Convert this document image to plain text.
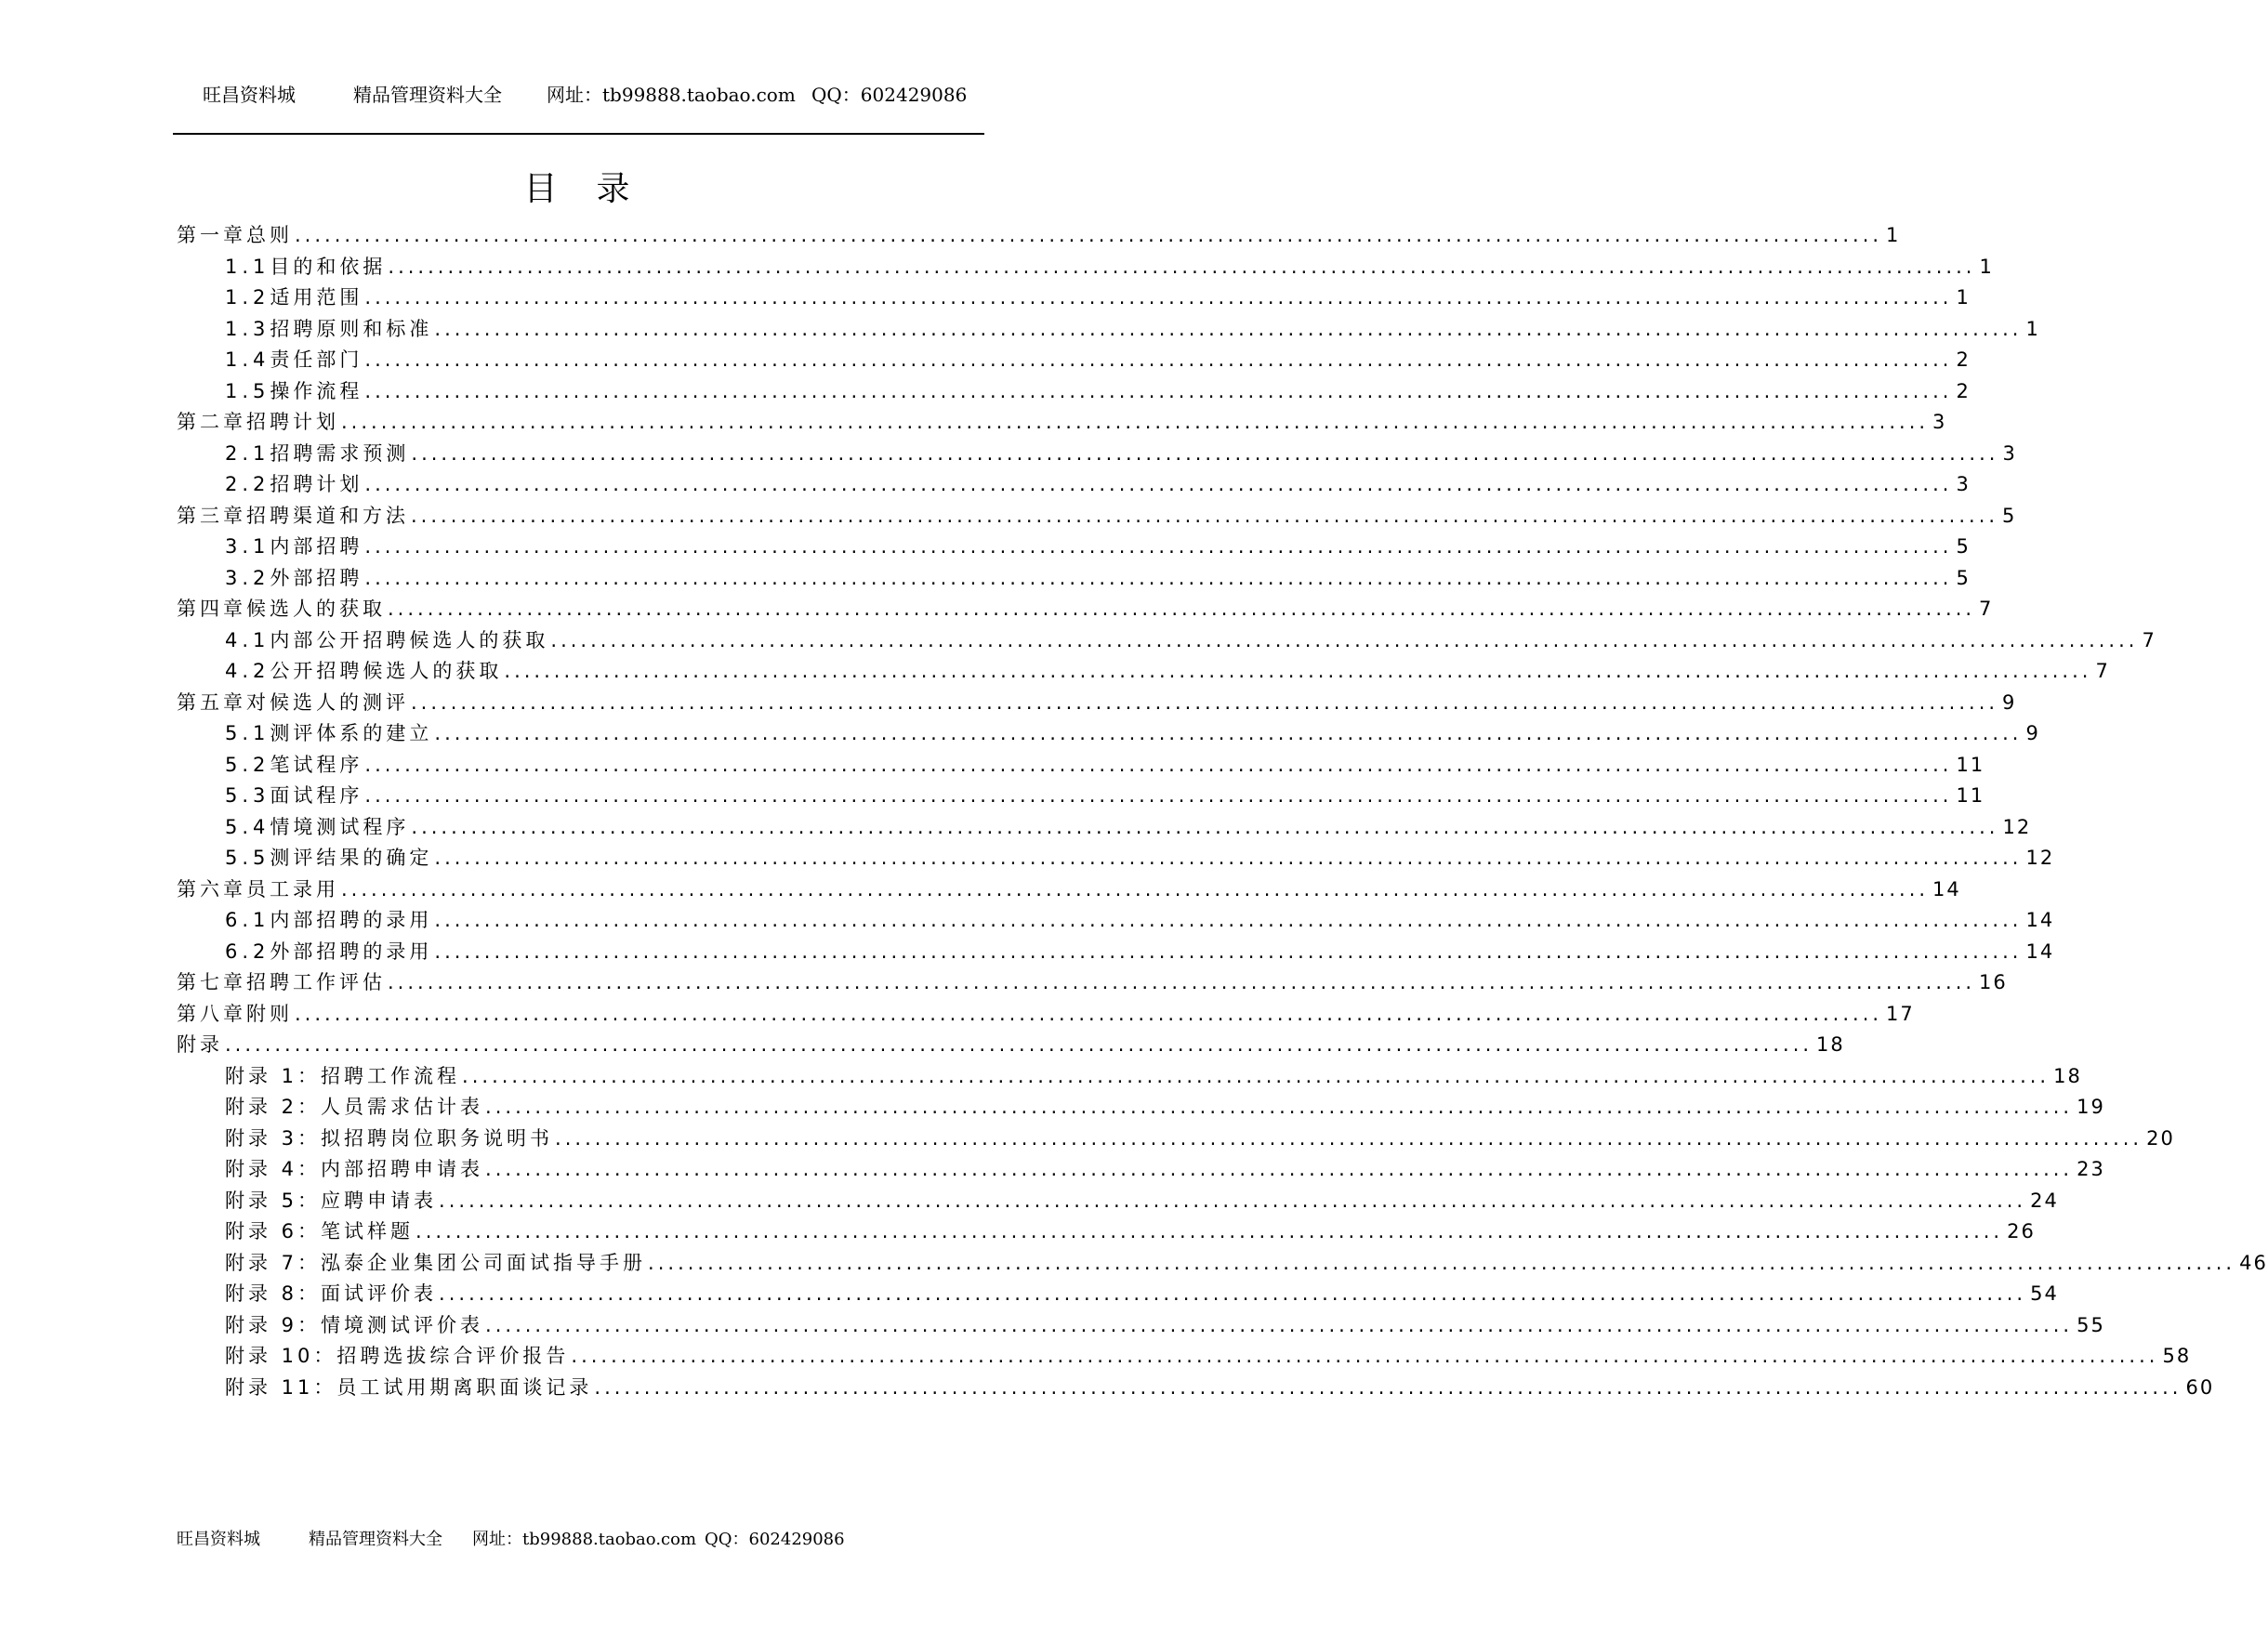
旺昌资料城	精品管理资料大全 网址：tb99888.taobao.com QQ：602429086
目录
第一章 总则 ................................................................................................................................................................ 1
1.1 目的和依据 ................................................................................................................................................................ 1
1.2 适用范围 ................................................................................................................................................................ 1
1.3 招聘原则和标准 ................................................................................................................................................................ 1
1.4 责任部门 ................................................................................................................................................................ 2
1.5 操作流程 ................................................................................................................................................................ 2
第二章 招聘计划 ................................................................................................................................................................ 3
2.1 招聘需求预测 ................................................................................................................................................................ 3
2.2 招聘计划 ................................................................................................................................................................ 3
第三章 招聘渠道和方法 ................................................................................................................................................................ 5
3.1 内部招聘 ................................................................................................................................................................ 5
3.2 外部招聘 ................................................................................................................................................................ 5
第四章 候选人的获取 ................................................................................................................................................................ 7
4.1 内部公开招聘候选人的获取 ................................................................................................................................................................ 7
4.2 公开招聘候选人的获取 ................................................................................................................................................................ 7
第五章 对候选人的测评 ................................................................................................................................................................ 9
5.1 测评体系的建立 ................................................................................................................................................................ 9
5.2 笔试程序 ................................................................................................................................................................ 11
5.3 面试程序 ................................................................................................................................................................ 11
5.4 情境测试程序 ................................................................................................................................................................ 12
5.5 测评结果的确定 ................................................................................................................................................................ 12
第六章 员工录用 ................................................................................................................................................................ 14
6.1 内部招聘的录用 ................................................................................................................................................................ 14
6.2 外部招聘的录用 ................................................................................................................................................................ 14
第七章 招聘工作评估 ................................................................................................................................................................ 16
第八章 附则 ................................................................................................................................................................ 17
附录 ................................................................................................................................................................ 18
附录 1：招聘工作流程 ................................................................................................................................................................ 18
附录 2：人员需求估计表 ................................................................................................................................................................ 19
附录 3：拟招聘岗位职务说明书 ................................................................................................................................................................ 20
附录 4：内部招聘申请表 ................................................................................................................................................................ 23
附录 5：应聘申请表 ................................................................................................................................................................ 24
附录 6：笔试样题 ................................................................................................................................................................ 26
附录 7：泓泰企业集团公司面试指导手册 ................................................................................................................................................................ 46
附录 8：面试评价表 ................................................................................................................................................................ 54
附录 9：情境测试评价表 ................................................................................................................................................................ 55
附录 10：招聘选拔综合评价报告 ................................................................................................................................................................ 58
附录 11：员工试用期离职面谈记录 ................................................................................................................................................................ 60
旺昌资料城	精品管理资料大全 网址：tb99888.taobao.com QQ：602429086
